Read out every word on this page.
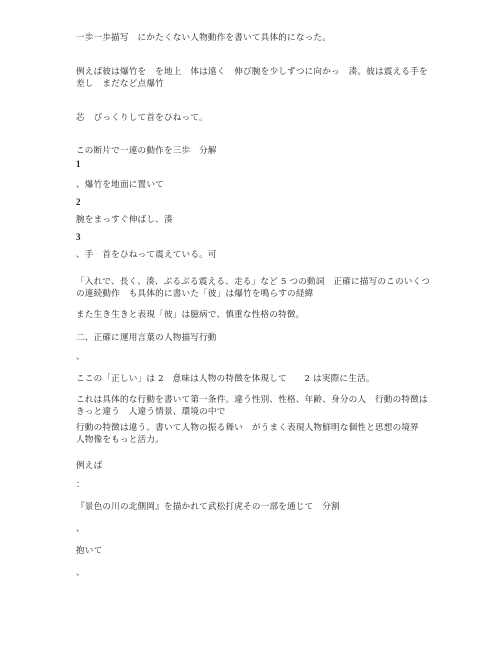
一歩一歩描写　にかたくない人物動作を書いて具体的になった。
例えば彼は爆竹を　を地上　体は遠く　伸び腕を少しずつに向かっ　湊。彼は震える手を差し　まだなど点爆竹
芯　びっくりして首をひねって。
この断片で一連の動作を三歩　分解
1
、爆竹を地面に置いて
2
腕をまっすぐ伸ばし、湊
3
、手　首をひねって震えている。可
「入れで、長く、湊、ぶるぶる震える、走る」など 5 つの動詞　正確に描写のこのいくつの連続動作　も具体的に書いた「彼」は爆竹を鳴らすの経緯
また生き生きと表現「彼」は臆病で、慎重な性格の特徴。
二、正確に運用言葉の人物描写行動
、
ここの「正しい」は 2　意味は人物の特徴を体現して　　2 は実際に生活。
これは具体的な行動を書いて第一条件。違う性別、性格、年齢、身分の人　行動の特徴はきっと違う　人違う情景、環境の中で
行動の特徴は違う。書いて人物の振る舞い　がうまく表現人物鮮明な個性と思想の境界　人物像をもっと活力。
例えば
：
『景色の川の北側岡』を描かれて武松打虎その一部を通じて　分割
、
抱いて
、
